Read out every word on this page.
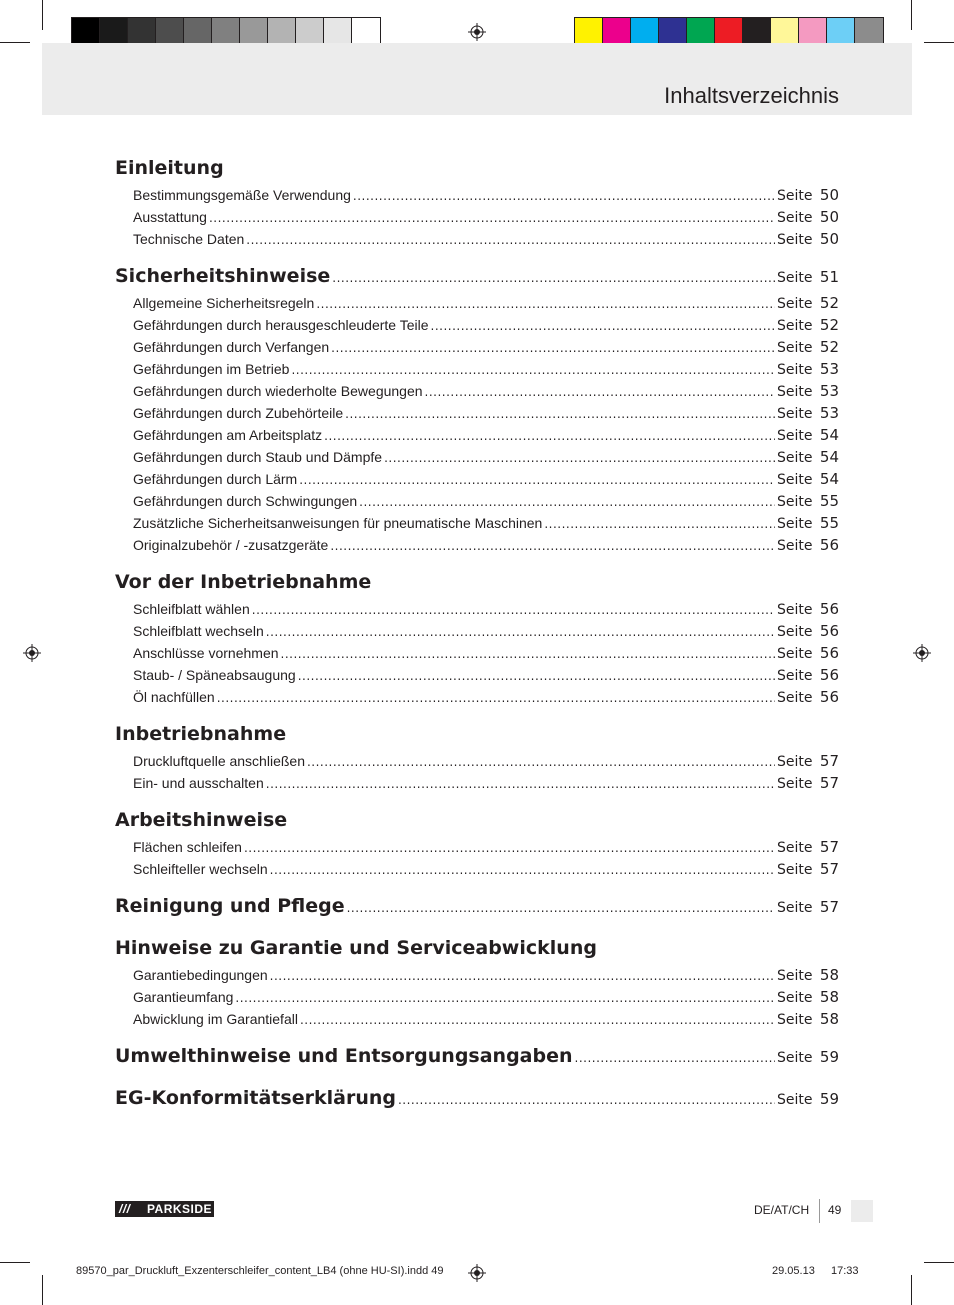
Inhaltsverzeichnis
Einleitung
Bestimmungsgemäße Verwendung .....	Seite 50
Ausstattung .....	Seite 50
Technische Daten .....	Seite 50
Sicherheitshinweise .....	Seite 51
Allgemeine Sicherheitsregeln .....	Seite 52
Gefährdungen durch herausgeschleuderte Teile .....	Seite 52
Gefährdungen durch Verfangen .....	Seite 52
Gefährdungen im Betrieb .....	Seite 53
Gefährdungen durch wiederholte Bewegungen .....	Seite 53
Gefährdungen durch Zubehörteile .....	Seite 53
Gefährdungen am Arbeitsplatz .....	Seite 54
Gefährdungen durch Staub und Dämpfe .....	Seite 54
Gefährdungen durch Lärm .....	Seite 54
Gefährdungen durch Schwingungen .....	Seite 55
Zusätzliche Sicherheitsanweisungen für pneumatische Maschinen .....	Seite 55
Originalzubehör / -zusatzgeräte .....	Seite 56
Vor der Inbetriebnahme
Schleifblatt wählen .....	Seite 56
Schleifblatt wechseln .....	Seite 56
Anschlüsse vornehmen .....	Seite 56
Staub- / Späneabsaugung .....	Seite 56
Öl nachfüllen .....	Seite 56
Inbetriebnahme
Druckluftquelle anschließen .....	Seite 57
Ein- und ausschalten .....	Seite 57
Arbeitshinweise
Flächen schleifen .....	Seite 57
Schleifteller wechseln .....	Seite 57
Reinigung und Pflege .....	Seite 57
Hinweise zu Garantie und Serviceabwicklung
Garantiebedingungen .....	Seite 58
Garantieumfang .....	Seite 58
Abwicklung im Garantiefall .....	Seite 58
Umwelthinweise und Entsorgungsangaben .....	Seite 59
EG-Konformitätserklärung .....	Seite 59
///	PARKSIDE	DE/AT/CH 49
89570_par_Druckluft_Exzenterschleifer_content_LB4 (ohne HU-SI).indd 49	29.05.13 17:33
